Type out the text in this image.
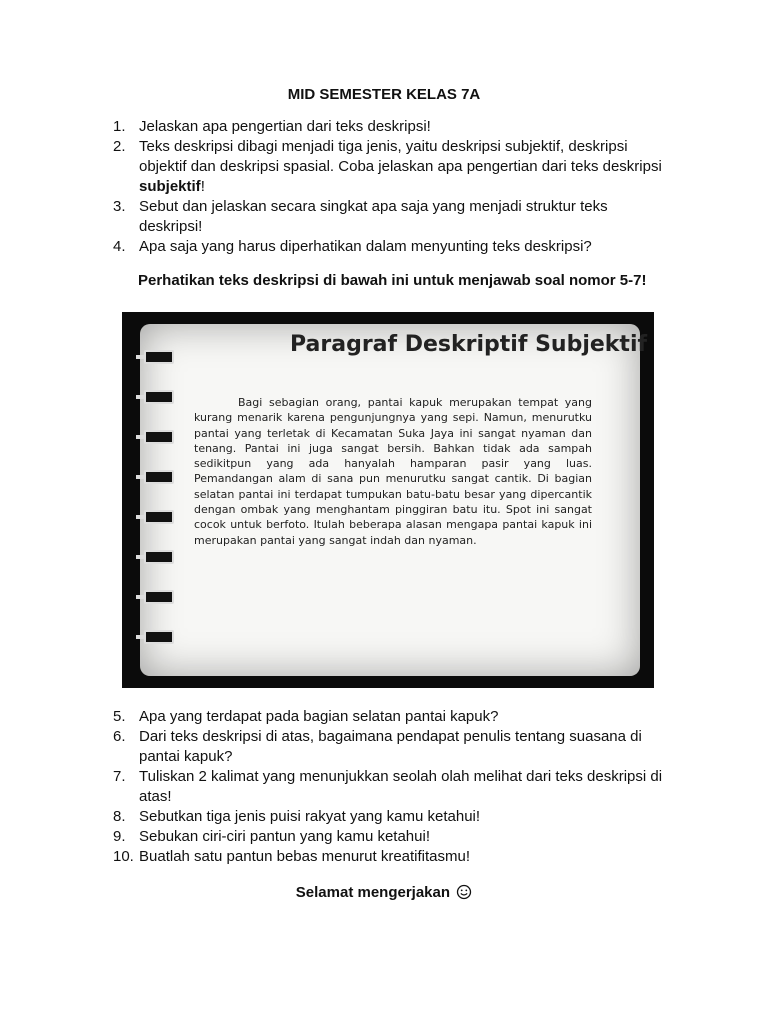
MID SEMESTER KELAS 7A
1. Jelaskan apa pengertian dari teks deskripsi!
2. Teks deskripsi dibagi menjadi tiga jenis, yaitu deskripsi subjektif, deskripsi objektif dan deskripsi spasial. Coba jelaskan apa pengertian dari teks deskripsi subjektif!
3. Sebut dan jelaskan secara singkat apa saja yang menjadi struktur teks deskripsi!
4. Apa saja yang harus diperhatikan dalam menyunting teks deskripsi?
Perhatikan teks deskripsi di bawah ini untuk menjawab soal nomor 5-7!
Paragraf Deskriptif Subjektif
Bagi sebagian orang, pantai kapuk merupakan tempat yang kurang menarik karena pengunjungnya yang sepi. Namun, menurutku pantai yang terletak di Kecamatan Suka Jaya ini sangat nyaman dan tenang. Pantai ini juga sangat bersih. Bahkan tidak ada sampah sedikitpun yang ada hanyalah hamparan pasir yang luas. Pemandangan alam di sana pun menurutku sangat cantik. Di bagian selatan pantai ini terdapat tumpukan batu-batu besar yang dipercantik dengan ombak yang menghantam pinggiran batu itu. Spot ini sangat cocok untuk berfoto. Itulah beberapa alasan mengapa pantai kapuk ini merupakan pantai yang sangat indah dan nyaman.
5. Apa yang terdapat pada bagian selatan pantai kapuk?
6. Dari teks deskripsi di atas, bagaimana pendapat penulis tentang suasana di pantai kapuk?
7. Tuliskan 2 kalimat yang menunjukkan seolah olah melihat dari teks deskripsi di atas!
8. Sebutkan tiga jenis puisi rakyat yang kamu ketahui!
9. Sebukan ciri-ciri pantun yang kamu ketahui!
10. Buatlah satu pantun bebas menurut kreatifitasmu!
Selamat mengerjakan
